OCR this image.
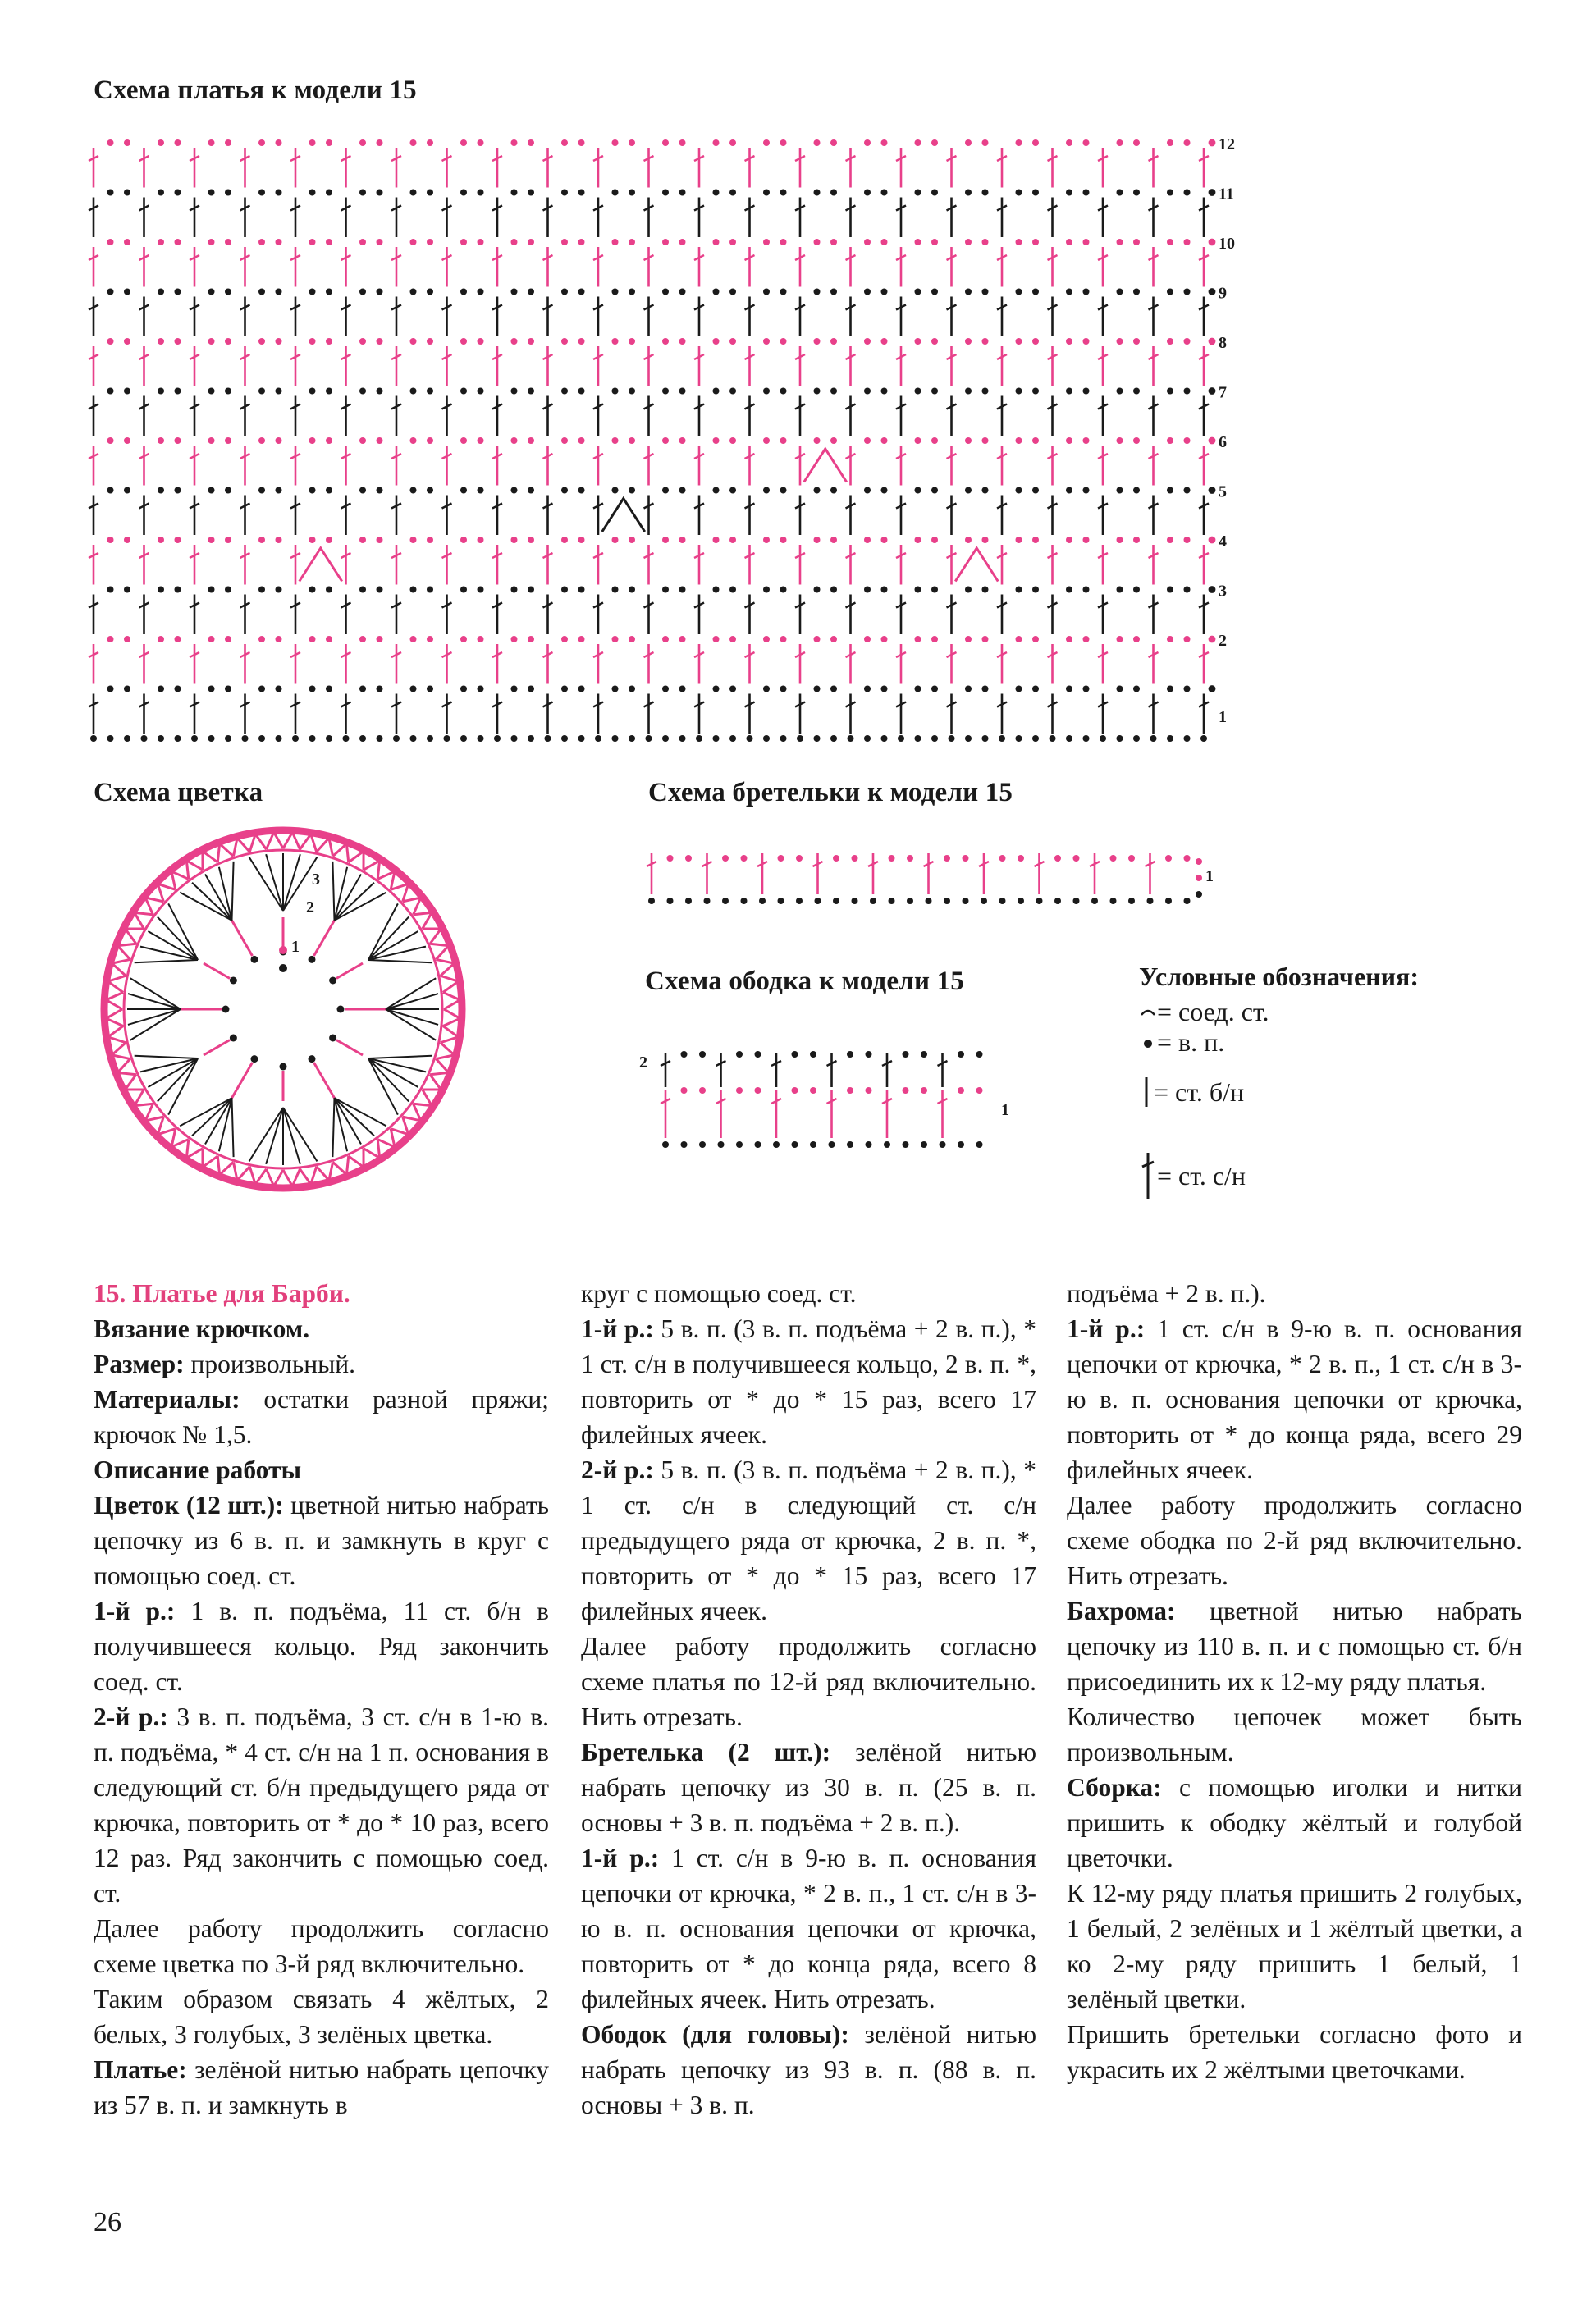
Схема платья к модели 15
Схема цветка	Схема бретельки к модели 15
Схема ободка к модели 15
1
2
3
4
5
6
7
8
9
10
11
12
1
2
3	1
2
1
Условные обозначения:
= соед. ст.
= в. п.
= ст. б/н
= ст. с/н

15. Платье для Барби.

Вязание крючком.

Размер: произвольный.

Материалы: остатки разной пряжи; крючок № 1,5.

Описание работы

Цветок (12 шт.): цветной нитью набрать цепочку из 6 в. п. и замкнуть в круг с помощью соед. ст.

1-й р.: 1 в. п. подъёма, 11 ст. б/н в получившееся кольцо. Ряд закончить соед. ст.

2-й р.: 3 в. п. подъёма, 3 ст. с/н в 1-ю в. п. подъёма, * 4 ст. с/н на 1 п. основания в следующий ст. б/н предыдущего ряда от крючка, повторить от * до * 10 раз, всего 12 раз. Ряд закончить с помощью соед. ст.

Далее работу продолжить согласно схеме цветка по 3-й ряд включительно.

Таким образом связать 4 жёлтых, 2 белых, 3 голубых, 3 зелёных цветка.

Платье: зелёной нитью набрать цепочку из 57 в. п. и замкнуть в

круг с помощью соед. ст.

1-й р.: 5 в. п. (3 в. п. подъёма + 2 в. п.), * 1 ст. с/н в получившееся кольцо, 2 в. п. *, повторить от * до * 15 раз, всего 17 филейных ячеек.

2-й р.: 5 в. п. (3 в. п. подъёма + 2 в. п.), * 1 ст. с/н в следующий ст. с/н предыдущего ряда от крючка, 2 в. п. *, повторить от * до * 15 раз, всего 17 филейных ячеек.

Далее работу продолжить согласно схеме платья по 12-й ряд включительно. Нить отрезать.

Бретелька (2 шт.): зелёной нитью набрать цепочку из 30 в. п. (25 в. п. основы + 3 в. п. подъёма + 2 в. п.).

1-й р.: 1 ст. с/н в 9-ю в. п. основания цепочки от крючка, * 2 в. п., 1 ст. с/н в 3-ю в. п. основания цепочки от крючка, повторить от * до конца ряда, всего 8 филейных ячеек. Нить отрезать.

Ободок (для головы): зелёной нитью набрать цепочку из 93 в. п. (88 в. п. основы + 3 в. п.

подъёма + 2 в. п.).

1-й р.: 1 ст. с/н в 9-ю в. п. основания цепочки от крючка, * 2 в. п., 1 ст. с/н в 3-ю в. п. основания цепочки от крючка, повторить от * до конца ряда, всего 29 филейных ячеек.

Далее работу продолжить согласно схеме ободка по 2-й ряд включительно. Нить отрезать.

Бахрома: цветной нитью набрать цепочку из 110 в. п. и с помощью ст. б/н присоединить их к 12-му ряду платья.

Количество цепочек может быть произвольным.

Сборка: с помощью иголки и нитки пришить к ободку жёлтый и голубой цветочки.

К 12-му ряду платья пришить 2 голубых, 1 белый, 2 зелёных и 1 жёлтый цветки, а ко 2-му ряду пришить 1 белый, 1 зелёный цветки.

Пришить бретельки согласно фото и украсить их 2 жёлтыми цветочками.

26
